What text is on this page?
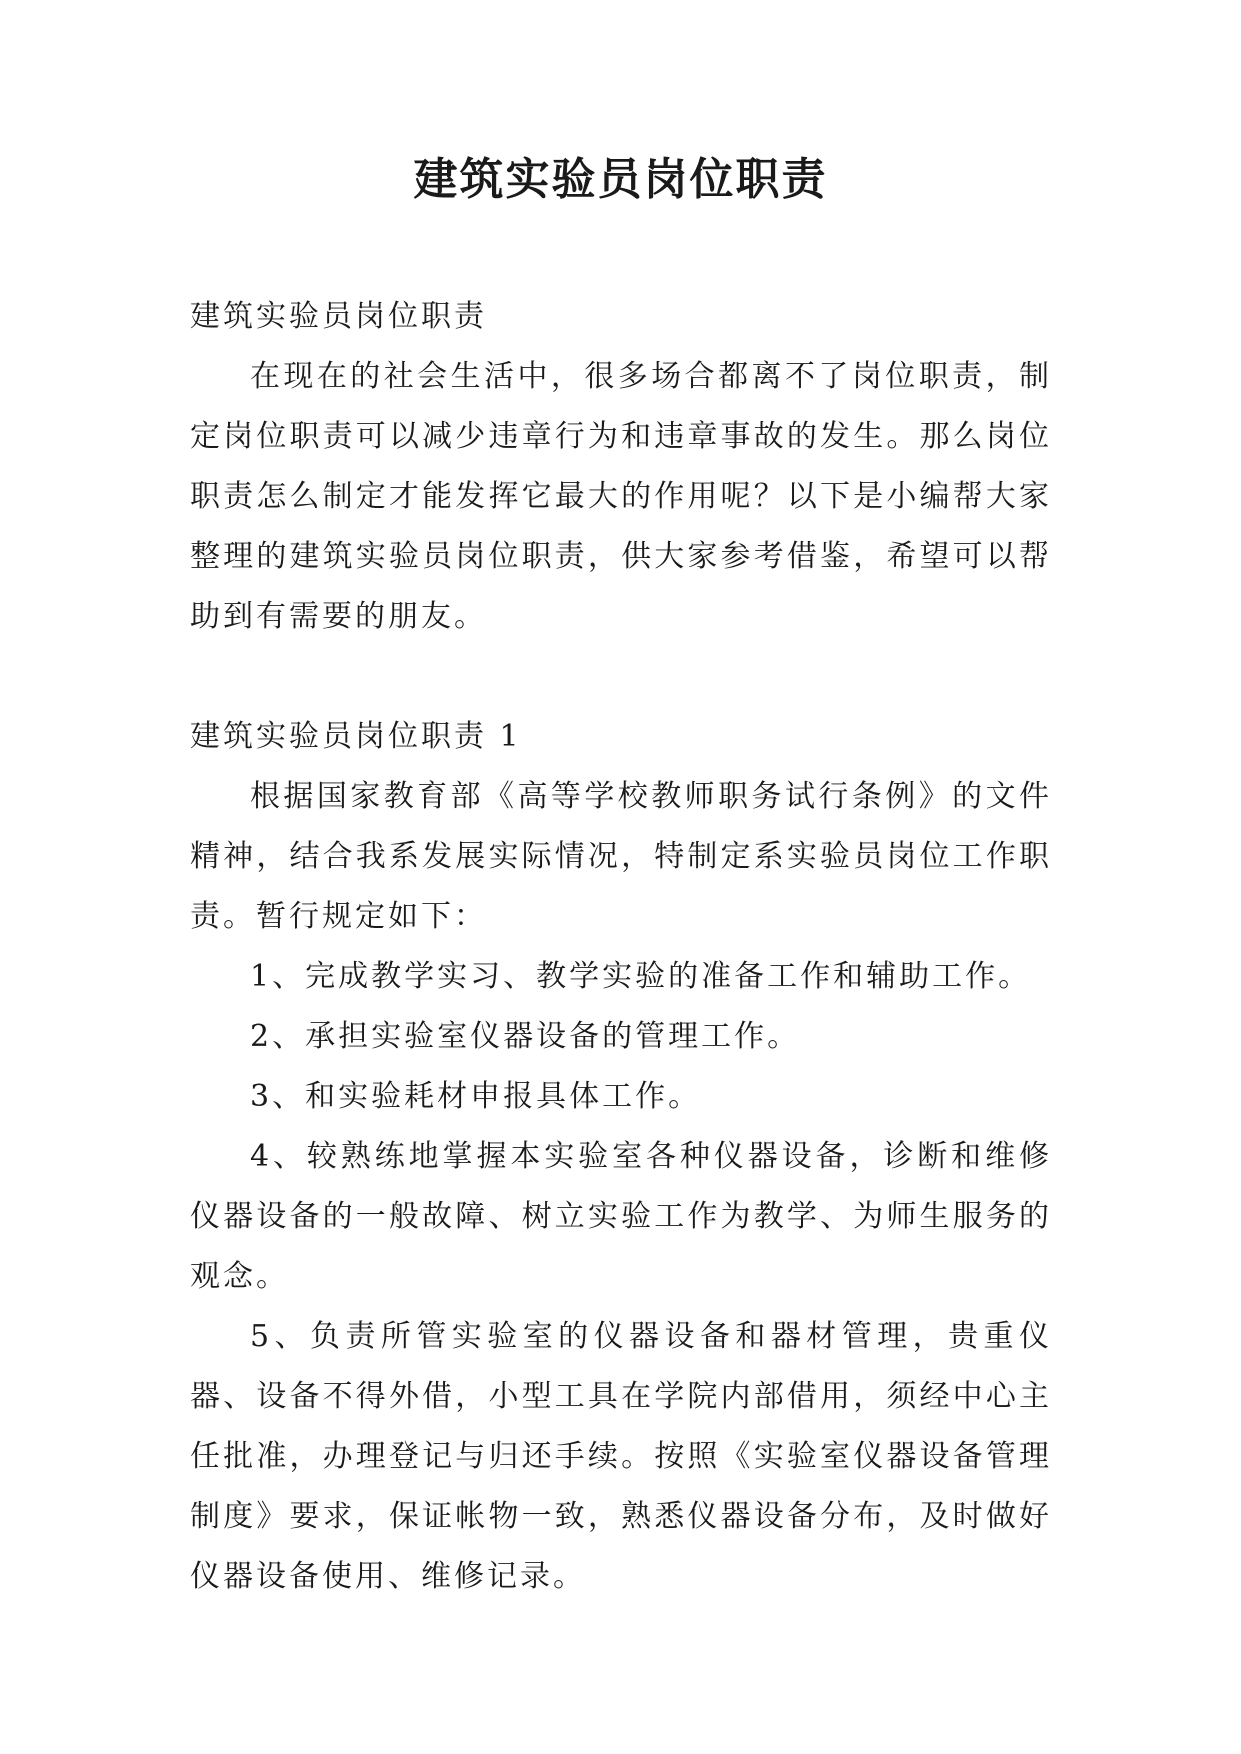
建筑实验员岗位职责

建筑实验员岗位职责

在现在的社会生活中，很多场合都离不了岗位职责，制定岗位职责可以减少违章行为和违章事故的发生。那么岗位职责怎么制定才能发挥它最大的作用呢？以下是小编帮大家整理的建筑实验员岗位职责，供大家参考借鉴，希望可以帮助到有需要的朋友。

建筑实验员岗位职责 1

根据国家教育部《高等学校教师职务试行条例》的文件精神，结合我系发展实际情况，特制定系实验员岗位工作职责。暂行规定如下：

1、完成教学实习、教学实验的准备工作和辅助工作。

2、承担实验室仪器设备的管理工作。

3、和实验耗材申报具体工作。

4、较熟练地掌握本实验室各种仪器设备，诊断和维修仪器设备的一般故障、树立实验工作为教学、为师生服务的观念。

5、负责所管实验室的仪器设备和器材管理，贵重仪器、设备不得外借，小型工具在学院内部借用，须经中心主任批准，办理登记与归还手续。按照《实验室仪器设备管理制度》要求，保证帐物一致，熟悉仪器设备分布，及时做好仪器设备使用、维修记录。
